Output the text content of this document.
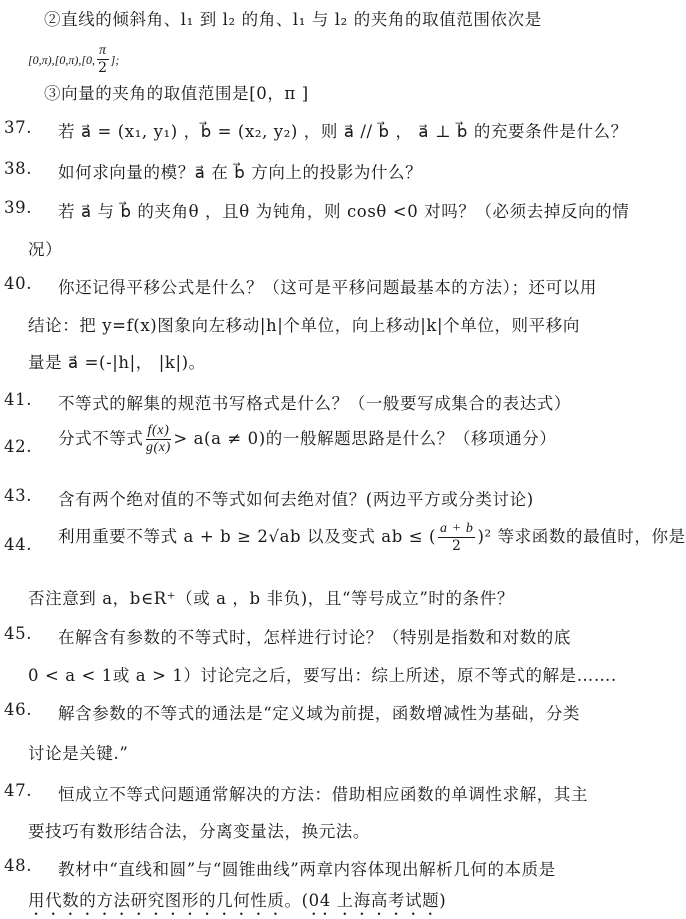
②直线的倾斜角、l₁ 到 l₂ 的角、l₁ 与 l₂ 的夹角的取值范围依次是
[0,π),[0,π),[0, $\frac{\pi}{2}$ ];
③向量的夹角的取值范围是[0，π ]
37. 若 a⃗ = (x₁, y₁) ，b⃗ = (x₂, y₂) ，则 a⃗ // b⃗ ， a⃗ ⊥ b⃗ 的充要条件是什么？
38. 如何求向量的模？a⃗ 在 b⃗ 方向上的投影为什么？
39. 若 a⃗ 与 b⃗ 的夹角θ ，且θ 为钝角，则 cosθ <0 对吗？（必须去掉反向的情
况）
40. 你还记得平移公式是什么？（这可是平移问题最基本的方法）；还可以用
结论：把 y=f(x)图象向左移动|h|个单位，向上移动|k|个单位，则平移向
量是 a⃗ =(-|h|， |k|)。
41. 不等式的解集的规范书写格式是什么？（一般要写成集合的表达式）
42. 分式不等式 $\frac{f(x)}{g(x)} > a(a \ne 0)$的一般解题思路是什么？（移项通分）
43. 含有两个绝对值的不等式如何去绝对值？(两边平方或分类讨论)
44. 利用重要不等式 a + b ≥ 2√ab 以及变式 ab ≤ ( $\frac{a + b}{2} )^2$ 等求函数的最值时，你是
否注意到 a，b∈R⁺（或 a ，b 非负)，且“等号成立”时的条件？
45. 在解含有参数的不等式时，怎样进行讨论？（特别是指数和对数的底
0 < a < 1或 a > 1）讨论完之后，要写出：综上所述，原不等式的解是…….
46. 解含参数的不等式的通法是“定义域为前提，函数增减性为基础，分类
讨论是关键.”
47. 恒成立不等式问题通常解决的方法：借助相应函数的单调性求解，其主
要技巧有数形结合法，分离变量法，换元法。
48. 教材中“直线和圆”与“圆锥曲线”两章内容体现出解析几何的本质是
用代数的方法研究图形的几何性质。(04 上海高考试题)
